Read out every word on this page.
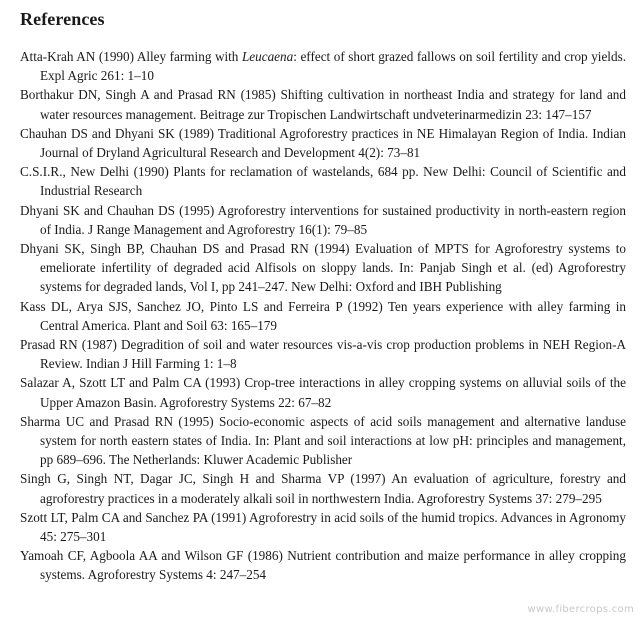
References
Atta-Krah AN (1990) Alley farming with Leucaena: effect of short grazed fallows on soil fertility and crop yields. Expl Agric 261: 1–10
Borthakur DN, Singh A and Prasad RN (1985) Shifting cultivation in northeast India and strategy for land and water resources management. Beitrage zur Tropischen Landwirtschaft undveterinarmedizin 23: 147–157
Chauhan DS and Dhyani SK (1989) Traditional Agroforestry practices in NE Himalayan Region of India. Indian Journal of Dryland Agricultural Research and Development 4(2): 73–81
C.S.I.R., New Delhi (1990) Plants for reclamation of wastelands, 684 pp. New Delhi: Council of Scientific and Industrial Research
Dhyani SK and Chauhan DS (1995) Agroforestry interventions for sustained productivity in north-eastern region of India. J Range Management and Agroforestry 16(1): 79–85
Dhyani SK, Singh BP, Chauhan DS and Prasad RN (1994) Evaluation of MPTS for Agroforestry systems to emeliorate infertility of degraded acid Alfisols on sloppy lands. In: Panjab Singh et al. (ed) Agroforestry systems for degraded lands, Vol I, pp 241–247. New Delhi: Oxford and IBH Publishing
Kass DL, Arya SJS, Sanchez JO, Pinto LS and Ferreira P (1992) Ten years experience with alley farming in Central America. Plant and Soil 63: 165–179
Prasad RN (1987) Degradition of soil and water resources vis-a-vis crop production problems in NEH Region-A Review. Indian J Hill Farming 1: 1–8
Salazar A, Szott LT and Palm CA (1993) Crop-tree interactions in alley cropping systems on alluvial soils of the Upper Amazon Basin. Agroforestry Systems 22: 67–82
Sharma UC and Prasad RN (1995) Socio-economic aspects of acid soils management and alternative landuse system for north eastern states of India. In: Plant and soil interactions at low pH: principles and management, pp 689–696. The Netherlands: Kluwer Academic Publisher
Singh G, Singh NT, Dagar JC, Singh H and Sharma VP (1997) An evaluation of agriculture, forestry and agroforestry practices in a moderately alkali soil in northwestern India. Agroforestry Systems 37: 279–295
Szott LT, Palm CA and Sanchez PA (1991) Agroforestry in acid soils of the humid tropics. Advances in Agronomy 45: 275–301
Yamoah CF, Agboola AA and Wilson GF (1986) Nutrient contribution and maize performance in alley cropping systems. Agroforestry Systems 4: 247–254
www.fibercrops.com
